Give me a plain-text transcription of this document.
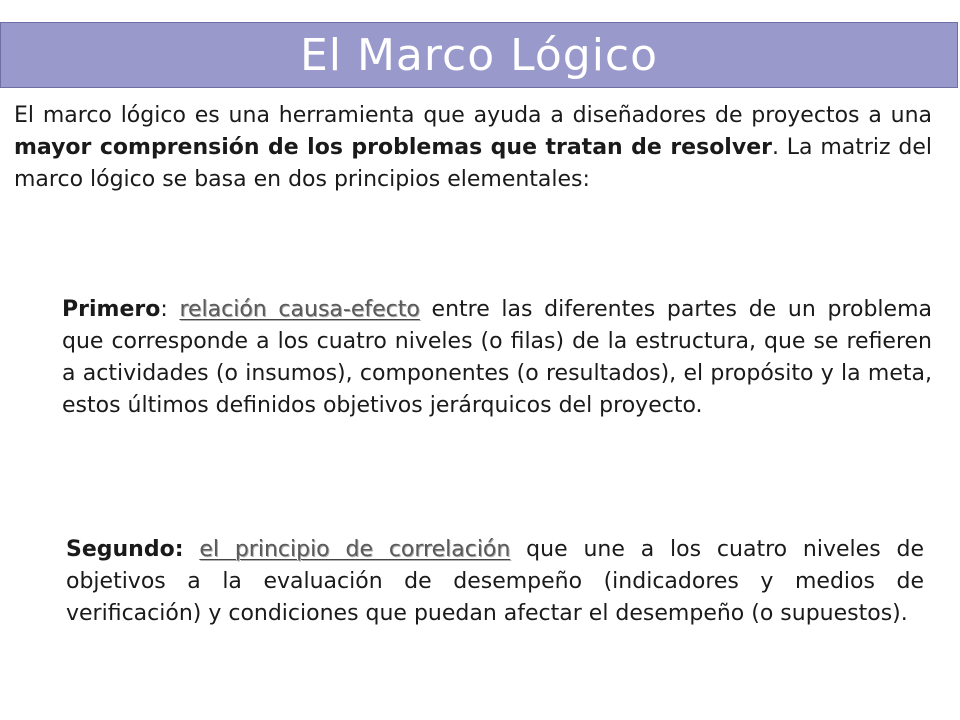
El Marco Lógico

El marco lógico es una herramienta que ayuda a diseñadores de proyectos a una mayor comprensión de los problemas que tratan de resolver. La matriz del marco lógico se basa en dos principios elementales:

Primero: relación causa-efecto entre las diferentes partes de un problema que corresponde a los cuatro niveles (o filas) de la estructura, que se refieren a actividades (o insumos), componentes (o resultados), el propósito y la meta, estos últimos definidos objetivos jerárquicos del proyecto.

Segundo: el principio de correlación que une a los cuatro niveles de objetivos a la evaluación de desempeño (indicadores y medios de verificación) y condiciones que puedan afectar el desempeño (o supuestos).
